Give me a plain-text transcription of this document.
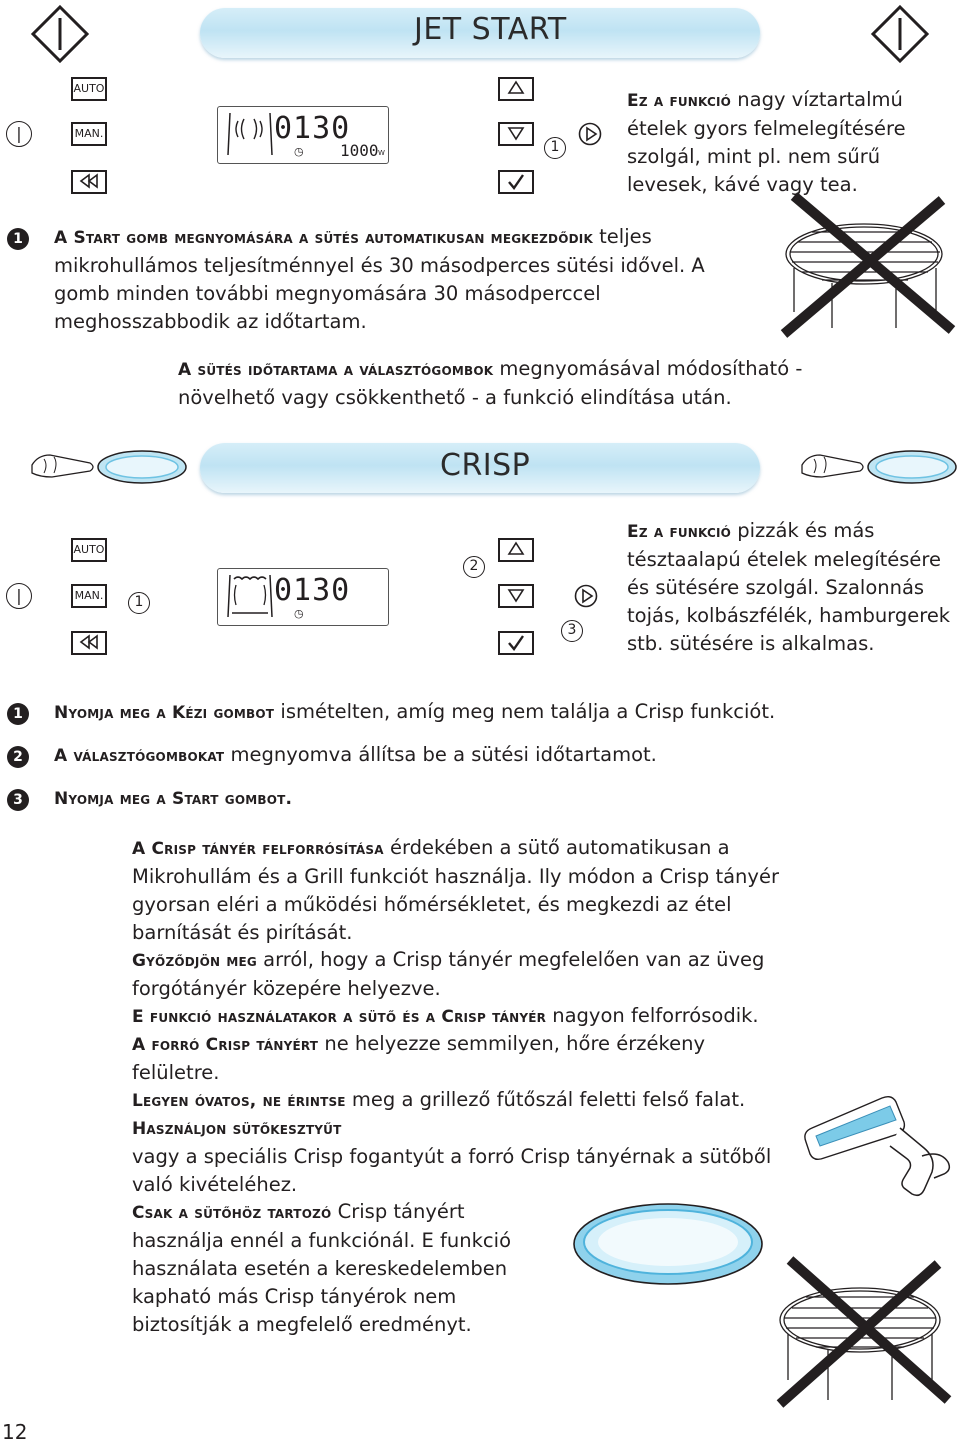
JET START
|
AUTO
MAN.	0130
◷ 1000 W	1

Ez a funkció nagy víztartalmú ételek gyors felmelegítésére szolgál, mint pl. nem sűrű levesek, kávé vagy tea.

1	A Start gomb megnyomására a sütés automatikusan megkezdődik teljes mikrohullámos teljesítménnyel és 30 másodperces sütési idővel. A gomb minden további megnyomására 30 másodperccel meghosszabbodik az időtartam.

A sütés időtartama a választógombok megnyomásával módosítható - növelhető vagy csökkenthető - a funkció elindítása után.

CRISP
|
AUTO
MAN.	1	0130
◷
2
3

Ez a funkció pizzák és más tésztaalapú ételek melegítésére és sütésére szolgál. Szalonnás tojás, kolbászfélék, hamburgerek stb. sütésére is alkalmas.

1	Nyomja meg a Kézi gombot ismételten, amíg meg nem találja a Crisp funkciót.

2	A választógombokat megnyomva állítsa be a sütési időtartamot.

3	Nyomja meg a Start gombot.

A Crisp tányér felforrósítása érdekében a sütő automatikusan a Mikrohullám és a Grill funkciót használja. Ily módon a Crisp tányér gyorsan eléri a működési hőmérsékletet, és megkezdi az étel barnítását és pirítását.

Győződjön meg arról, hogy a Crisp tányér megfelelően van az üveg forgótányér közepére helyezve.

E funkció használatakor a sütő és a Crisp tányér nagyon felforrósodik.

A forró Crisp tányért ne helyezze semmilyen, hőre érzékeny felületre.

Legyen óvatos, ne érintse meg a grillező fűtőszál feletti felső falat.

Használjon sütőkesztyűt
vagy a speciális Crisp fogantyút a forró Crisp tányérnak a sütőből való kivételéhez.

Csak a sütőhöz tartozó Crisp tányért használja ennél a funkciónál. E funkció használata esetén a kereskedelemben kapható más Crisp tányérok nem biztosítják a megfelelő eredményt.

12
